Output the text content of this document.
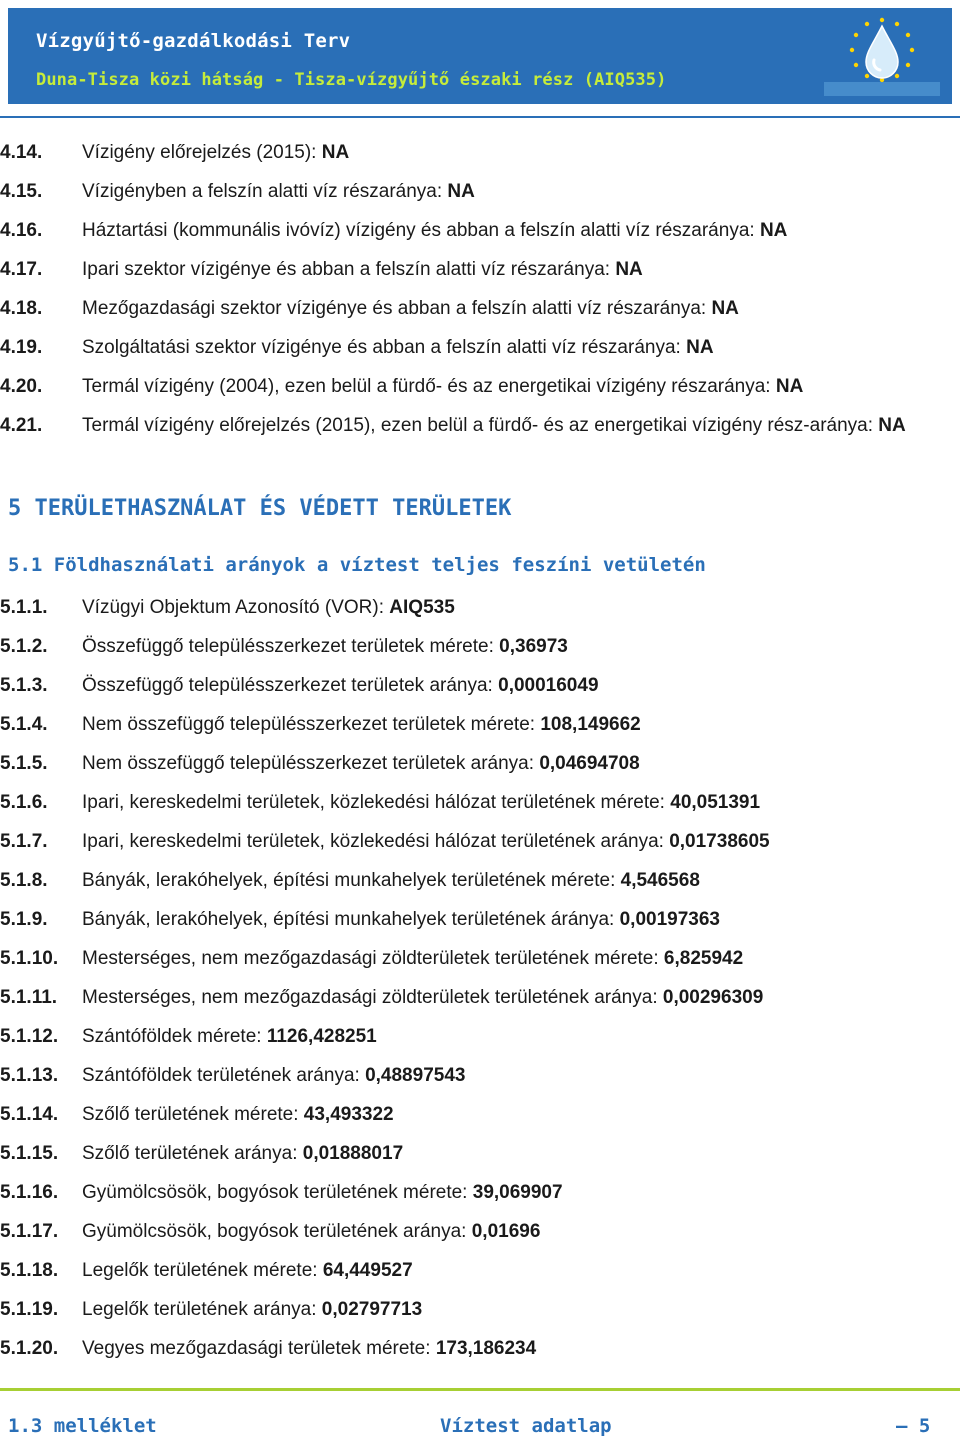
Vízgyűjtő-gazdálkodási Terv
Duna-Tisza közi hátság - Tisza-vízgyűjtő északi rész (AIQ535)
4.14. Vízigény előrejelzés (2015): NA
4.15. Vízigényben a felszín alatti víz részaránya: NA
4.16. Háztartási (kommunális ivóvíz) vízigény és abban a felszín alatti víz részaránya: NA
4.17. Ipari szektor vízigénye és abban a felszín alatti víz részaránya: NA
4.18. Mezőgazdasági szektor vízigénye és abban a felszín alatti víz részaránya: NA
4.19. Szolgáltatási szektor vízigénye és abban a felszín alatti víz részaránya: NA
4.20. Termál vízigény (2004), ezen belül a fürdő- és az energetikai vízigény részaránya: NA
4.21. Termál vízigény előrejelzés (2015), ezen belül a fürdő- és az energetikai vízigény rész-aránya: NA
5 TERÜLETHASZNÁLAT ÉS VÉDETT TERÜLETEK
5.1 Földhasználati arányok a víztest teljes feszíni vetületén
5.1.1. Vízügyi Objektum Azonosító (VOR): AIQ535
5.1.2. Összefüggő településszerkezet területek mérete: 0,36973
5.1.3. Összefüggő településszerkezet területek aránya: 0,00016049
5.1.4. Nem összefüggő településszerkezet területek mérete: 108,149662
5.1.5. Nem összefüggő településszerkezet területek aránya: 0,04694708
5.1.6. Ipari, kereskedelmi területek, közlekedési hálózat területének mérete: 40,051391
5.1.7. Ipari, kereskedelmi területek, közlekedési hálózat területének aránya: 0,01738605
5.1.8. Bányák, lerakóhelyek, építési munkahelyek területének mérete: 4,546568
5.1.9. Bányák, lerakóhelyek, építési munkahelyek területének áránya: 0,00197363
5.1.10. Mesterséges, nem mezőgazdasági zöldterületek területének mérete: 6,825942
5.1.11. Mesterséges, nem mezőgazdasági zöldterületek területének aránya: 0,00296309
5.1.12. Szántóföldek mérete: 1126,428251
5.1.13. Szántóföldek területének aránya: 0,48897543
5.1.14. Szőlő területének mérete: 43,493322
5.1.15. Szőlő területének aránya: 0,01888017
5.1.16. Gyümölcsösök, bogyósok területének mérete: 39,069907
5.1.17. Gyümölcsösök, bogyósok területének aránya: 0,01696
5.1.18. Legelők területének mérete: 64,449527
5.1.19. Legelők területének aránya: 0,02797713
5.1.20. Vegyes mezőgazdasági területek mérete: 173,186234
1.3 melléklet	Víztest adatlap	— 5
